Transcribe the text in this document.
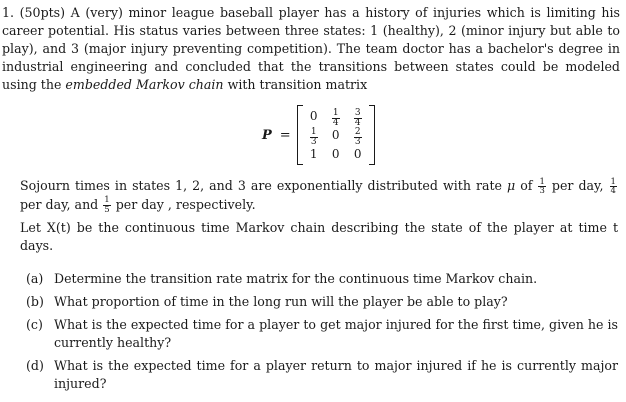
1. (50pts) A (very) minor league baseball player has a history of injuries which is limiting his career potential. His status varies between three states: 1 (healthy), 2 (minor injury but able to play), and 3 (major injury preventing competition). The team doctor has a bachelor's degree in industrial engineering and concluded that the transitions between states could be modeled using the embedded Markov chain with transition matrix
P =
$0 \frac{1}{4} \frac{3}{4}$
$\frac{1}{3} 0 \frac{2}{3}$
1 0 0
Sojourn times in states 1, 2, and 3 are exponentially distributed with rate μ of $\frac{1}{3}$ per day, $\frac{1}{4}$
per day, and $\frac{1}{5}$ per day , respectively.
Let X(t) be the continuous time Markov chain describing the state of the player at time t days.
(a) Determine the transition rate matrix for the continuous time Markov chain.
(b) What proportion of time in the long run will the player be able to play?
(c) What is the expected time for a player to get major injured for the first time, given he is currently healthy?
(d) What is the expected time for a player return to major injured if he is currently major injured?
